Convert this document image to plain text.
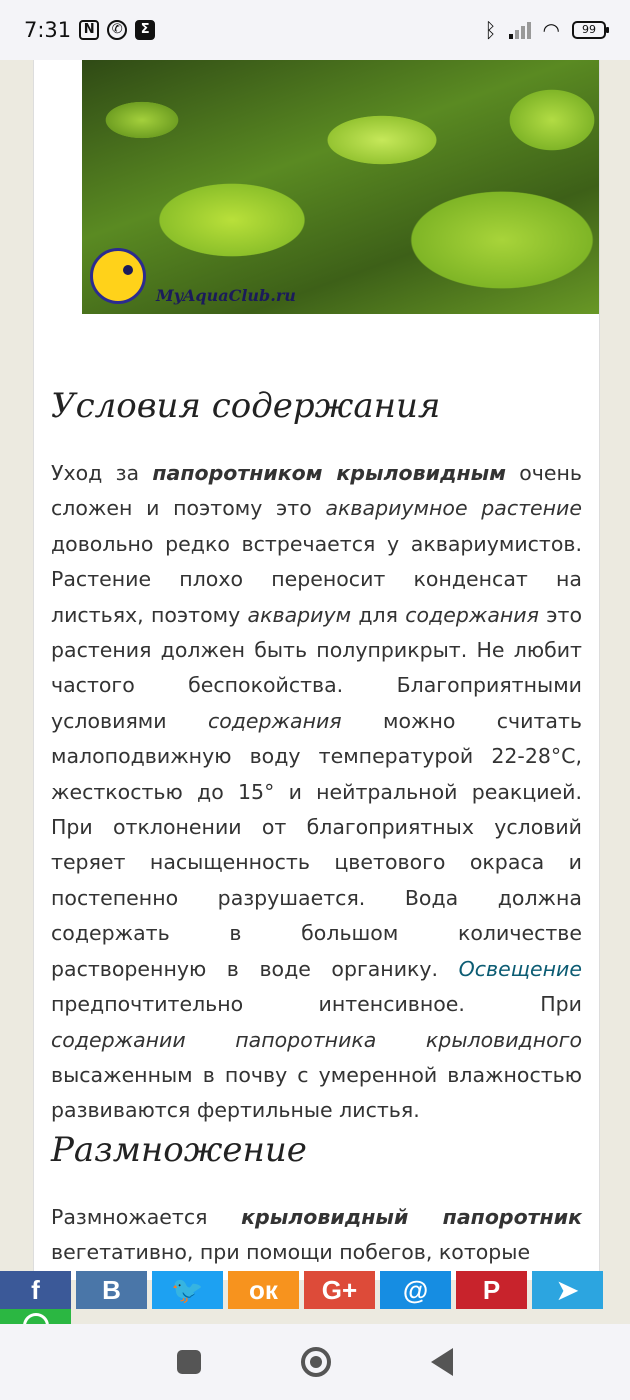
7:31 N	✆	Σ	ᛒ ◠	99
MyAquaClub.ru
Условия содержания

Уход за папоротником крыловидным очень сложен и поэтому это аквариумное растение довольно редко встречается у аквариумистов. Растение плохо переносит конденсат на листьях, поэтому аквариум для содержания это растения должен быть полуприкрыт. Не любит частого беспокойства. Благоприятными условиями содержания можно считать малоподвижную воду температурой 22-28°С, жесткостью до 15° и нейтральной реакцией. При отклонении от благоприятных условий теряет насыщенность цветового окраса и постепенно разрушается. Вода должна содержать в большом количестве растворенную в воде органику. Освещение предпочтительно интенсивное. При содержании папоротника крыловидного высаженным в почву с умеренной влажностью развиваются фертильные листья.

Размножение

Размножается крыловидный папоротник вегетативно, при помощи побегов, которые

f В 🐦 ок G+ @ P ➤
